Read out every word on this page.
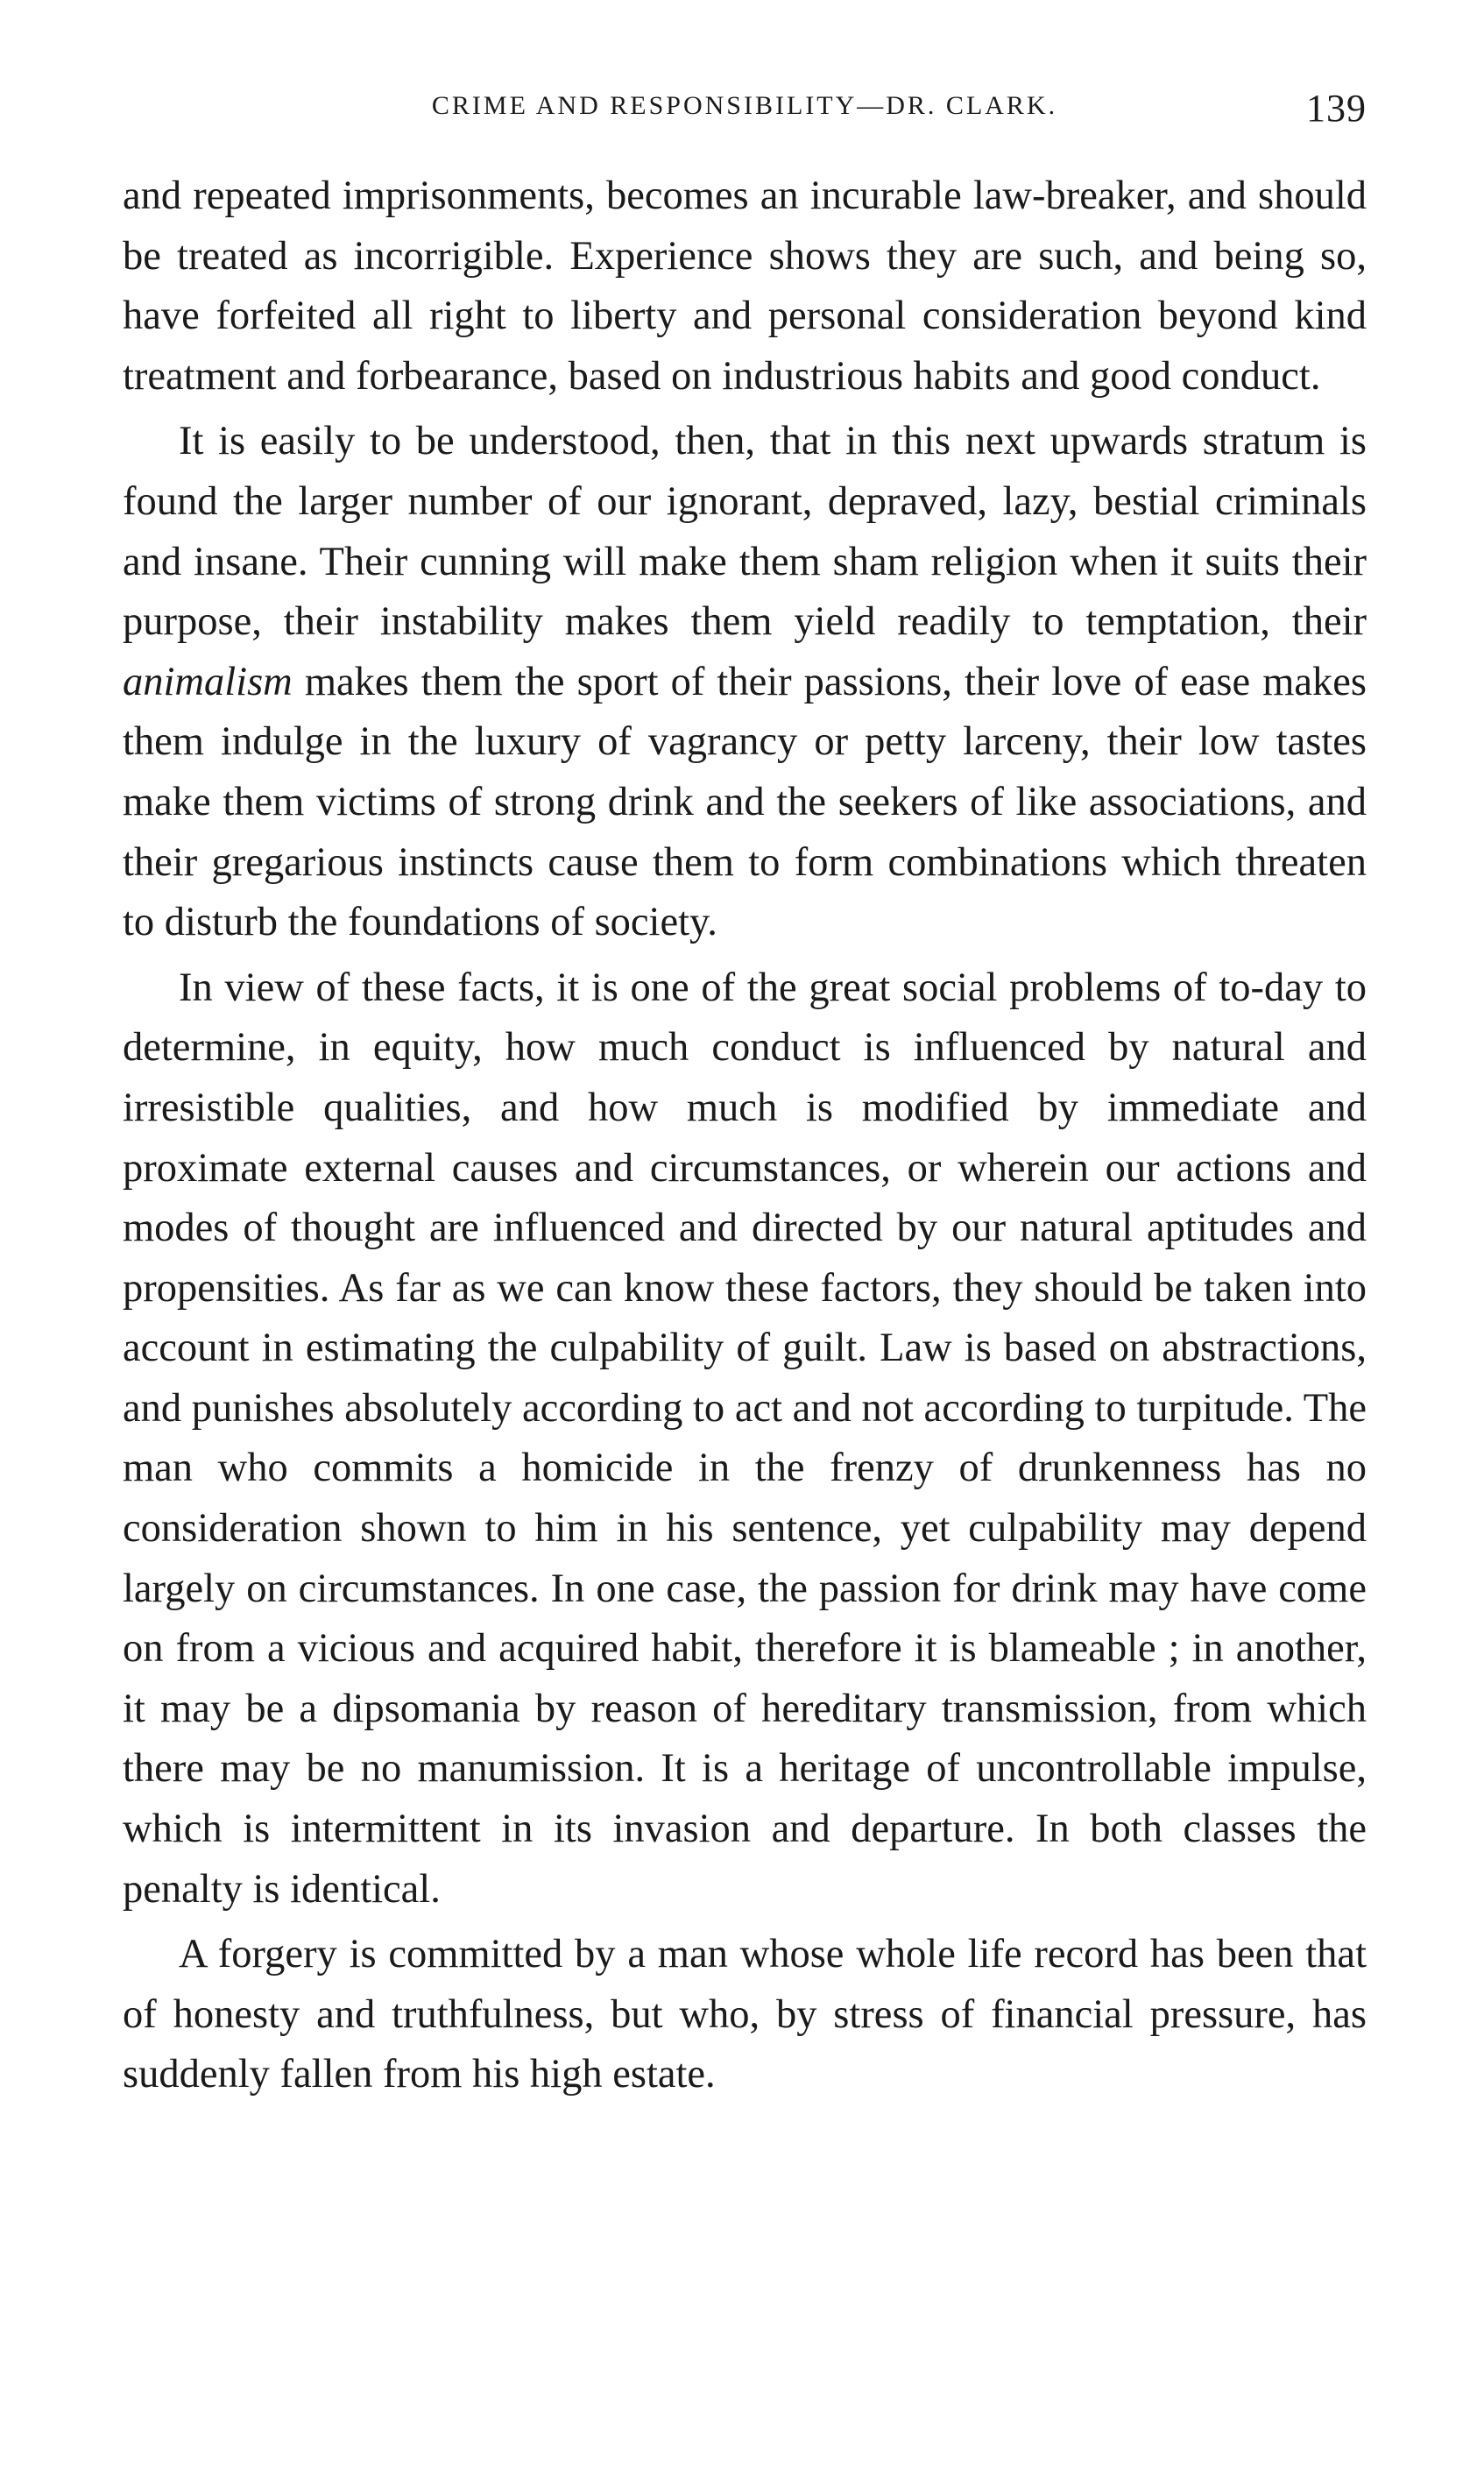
CRIME AND RESPONSIBILITY—DR. CLARK.	139

and repeated imprisonments, becomes an incurable law-breaker, and should be treated as incorrigible. Experience shows they are such, and being so, have forfeited all right to liberty and personal consideration beyond kind treatment and forbearance, based on industrious habits and good conduct.

It is easily to be understood, then, that in this next upwards stratum is found the larger number of our ignorant, depraved, lazy, bestial criminals and insane. Their cunning will make them sham religion when it suits their purpose, their instability makes them yield readily to temptation, their animalism makes them the sport of their passions, their love of ease makes them indulge in the luxury of vagrancy or petty larceny, their low tastes make them victims of strong drink and the seekers of like associations, and their gregarious instincts cause them to form combinations which threaten to disturb the foundations of society.

In view of these facts, it is one of the great social problems of to-day to determine, in equity, how much conduct is influenced by natural and irresistible qualities, and how much is modified by immediate and proximate external causes and circumstances, or wherein our actions and modes of thought are influenced and directed by our natural aptitudes and propensities. As far as we can know these factors, they should be taken into account in estimating the culpability of guilt. Law is based on abstractions, and punishes absolutely according to act and not according to turpitude. The man who commits a homicide in the frenzy of drunkenness has no consideration shown to him in his sentence, yet culpability may depend largely on circumstances. In one case, the passion for drink may have come on from a vicious and acquired habit, therefore it is blameable ; in another, it may be a dipsomania by reason of hereditary transmission, from which there may be no manumission. It is a heritage of uncontrollable impulse, which is intermittent in its invasion and departure. In both classes the penalty is identical.

A forgery is committed by a man whose whole life record has been that of honesty and truthfulness, but who, by stress of financial pressure, has suddenly fallen from his high estate.
